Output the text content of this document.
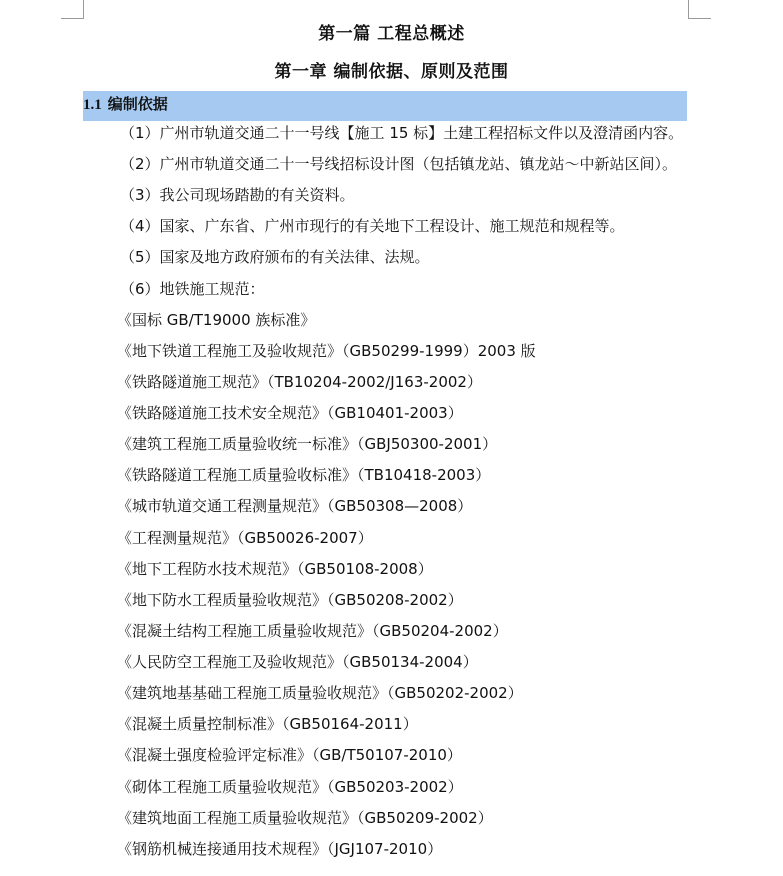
第一篇 工程总概述
第一章 编制依据、原则及范围
1.1 编制依据
（1）广州市轨道交通二十一号线【施工 15 标】土建工程招标文件以及澄清函内容。
（2）广州市轨道交通二十一号线招标设计图（包括镇龙站、镇龙站～中新站区间）。
（3）我公司现场踏勘的有关资料。
（4）国家、广东省、广州市现行的有关地下工程设计、施工规范和规程等。
（5）国家及地方政府颁布的有关法律、法规。
（6）地铁施工规范：
《国标 GB/T19000 族标准》
《地下铁道工程施工及验收规范》（GB50299-1999）2003 版
《铁路隧道施工规范》（TB10204-2002/J163-2002）
《铁路隧道施工技术安全规范》（GB10401-2003）
《建筑工程施工质量验收统一标准》（GBJ50300-2001）
《铁路隧道工程施工质量验收标准》（TB10418-2003）
《城市轨道交通工程测量规范》（GB50308—2008）
《工程测量规范》（GB50026-2007）
《地下工程防水技术规范》（GB50108-2008）
《地下防水工程质量验收规范》（GB50208-2002）
《混凝土结构工程施工质量验收规范》（GB50204-2002）
《人民防空工程施工及验收规范》（GB50134-2004）
《建筑地基基础工程施工质量验收规范》（GB50202-2002）
《混凝土质量控制标准》（GB50164-2011）
《混凝土强度检验评定标准》（GB/T50107-2010）
《砌体工程施工质量验收规范》（GB50203-2002）
《建筑地面工程施工质量验收规范》（GB50209-2002）
《钢筋机械连接通用技术规程》（JGJ107-2010）
